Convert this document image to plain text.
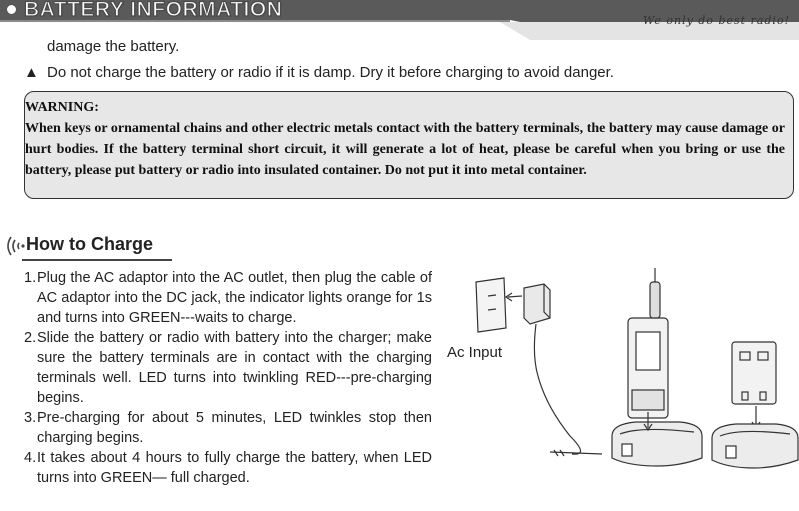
BATTERY INFORMATION	We only do best radio!
damage the battery.
▲ Do not charge the battery or radio if it is damp. Dry it before charging to avoid danger.
WARNING:
When keys or ornamental chains and other electric metals contact with the battery terminals, the battery may cause damage or hurt bodies. If the battery terminal short circuit, it will generate a lot of heat, please be careful when you bring or use the battery, please put battery or radio into insulated container. Do not put it into metal container.
How to Charge
1. Plug the AC adaptor into the AC outlet, then plug the cable of AC adaptor into the DC jack, the indicator lights orange for 1s and turns into GREEN---waits to charge.
2. Slide the battery or radio with battery into the charger; make sure the battery terminals are in contact with the charging terminals well. LED turns into twinkling RED---pre-charging begins.
3. Pre-charging for about 5 minutes, LED twinkles stop then charging begins.
4. It takes about 4 hours to fully charge the battery, when LED turns into GREEN— full charged.
Ac Input
